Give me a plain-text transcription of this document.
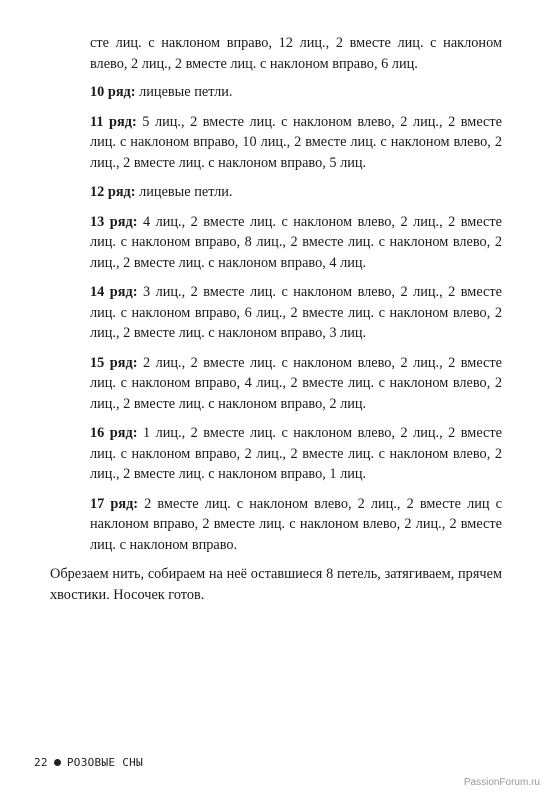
сте лиц. с наклоном вправо, 12 лиц., 2 вместе лиц. с наклоном влево, 2 лиц., 2 вместе лиц. с наклоном вправо, 6 лиц.

10 ряд: лицевые петли.

11 ряд: 5 лиц., 2 вместе лиц. с наклоном влево, 2 лиц., 2 вместе лиц. с наклоном вправо, 10 лиц., 2 вместе лиц. с наклоном влево, 2 лиц., 2 вместе лиц. с наклоном вправо, 5 лиц.

12 ряд: лицевые петли.

13 ряд: 4 лиц., 2 вместе лиц. с наклоном влево, 2 лиц., 2 вместе лиц. с наклоном вправо, 8 лиц., 2 вместе лиц. с наклоном влево, 2 лиц., 2 вместе лиц. с наклоном вправо, 4 лиц.

14 ряд: 3 лиц., 2 вместе лиц. с наклоном влево, 2 лиц., 2 вместе лиц. с наклоном вправо, 6 лиц., 2 вместе лиц. с наклоном влево, 2 лиц., 2 вместе лиц. с наклоном вправо, 3 лиц.

15 ряд: 2 лиц., 2 вместе лиц. с наклоном влево, 2 лиц., 2 вместе лиц. с наклоном вправо, 4 лиц., 2 вместе лиц. с наклоном влево, 2 лиц., 2 вместе лиц. с наклоном вправо, 2 лиц.

16 ряд: 1 лиц., 2 вместе лиц. с наклоном влево, 2 лиц., 2 вместе лиц. с наклоном вправо, 2 лиц., 2 вместе лиц. с наклоном влево, 2 лиц., 2 вместе лиц. с наклоном вправо, 1 лиц.

17 ряд: 2 вместе лиц. с наклоном влево, 2 лиц., 2 вместе лиц с наклоном вправо, 2 вместе лиц. с наклоном влево, 2 лиц., 2 вместе лиц. с наклоном вправо.

Обрезаем нить, собираем на неё оставшиеся 8 петель, затягиваем, прячем хвостики. Носочек готов.

22 РОЗОВЫЕ СНЫ
PassionForum.ru
